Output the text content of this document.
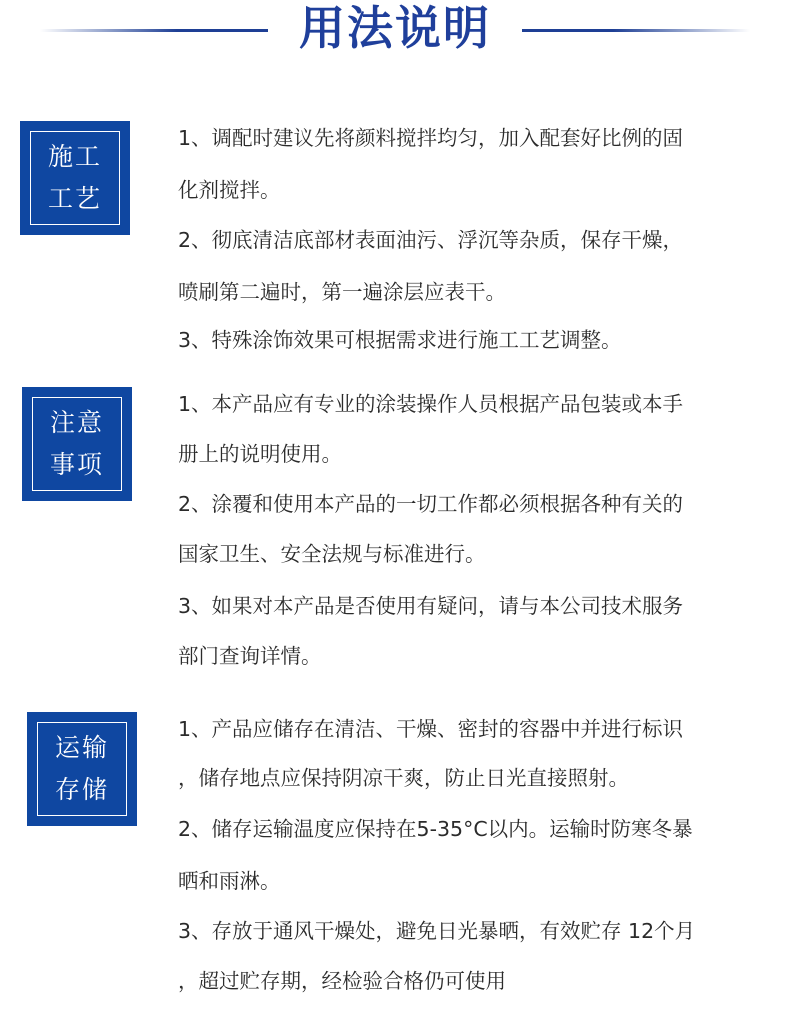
用法说明
施工
工艺

1、调配时建议先将颜料搅拌均匀，加入配套好比例的固

化剂搅拌。

2、彻底清洁底部材表面油污、浮沉等杂质，保存干燥，

喷刷第二遍时，第一遍涂层应表干。

3、特殊涂饰效果可根据需求进行施工工艺调整。

注意
事项

1、本产品应有专业的涂装操作人员根据产品包装或本手

册上的说明使用。

2、涂覆和使用本产品的一切工作都必须根据各种有关的

国家卫生、安全法规与标准进行。

3、如果对本产品是否使用有疑问，请与本公司技术服务

部门查询详情。

运输
存储

1、产品应储存在清洁、干燥、密封的容器中并进行标识

，储存地点应保持阴凉干爽，防止日光直接照射。

2、储存运输温度应保持在5-35°C以内。运输时防寒冬暴

晒和雨淋。

3、存放于通风干燥处，避免日光暴晒，有效贮存 12个月

，超过贮存期，经检验合格仍可使用
